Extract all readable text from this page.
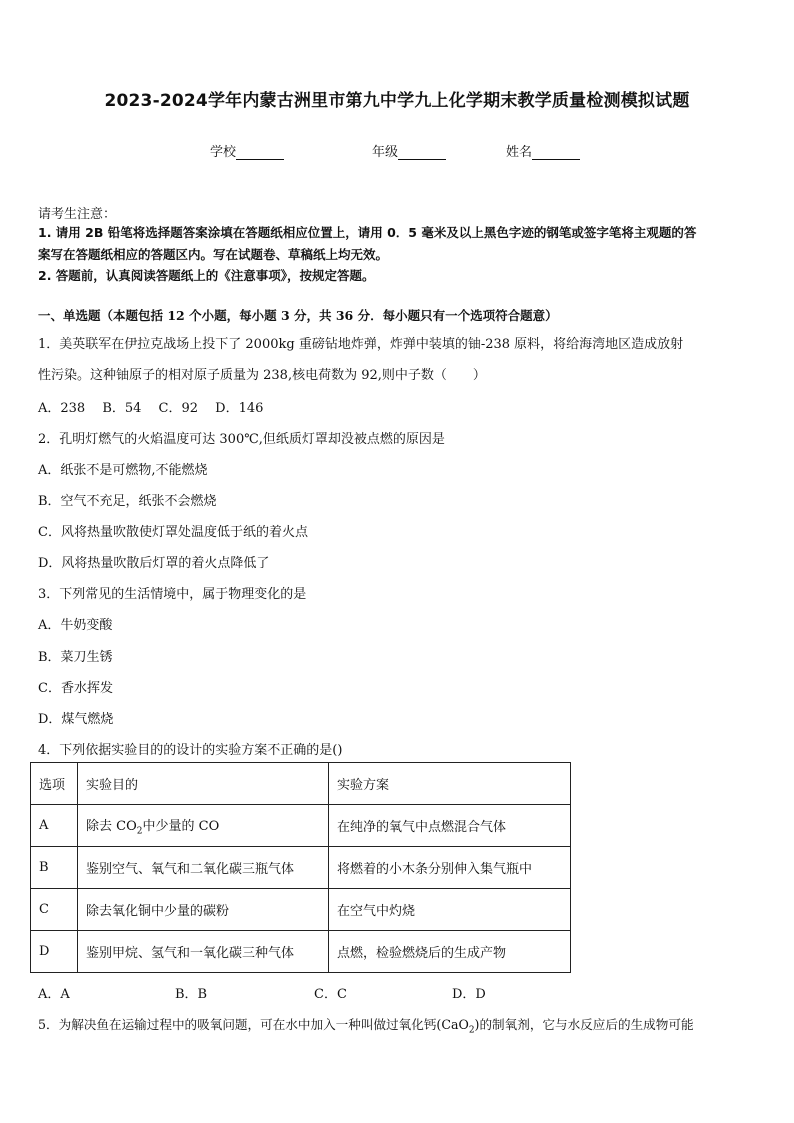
2023-2024学年内蒙古洲里市第九中学九上化学期末教学质量检测模拟试题
学校	年级	姓名
请考生注意：
1. 请用 2B 铅笔将选择题答案涂填在答题纸相应位置上，请用 0．5 毫米及以上黑色字迹的钢笔或签字笔将主观题的答
案写在答题纸相应的答题区内。写在试题卷、草稿纸上均无效。
2. 答题前，认真阅读答题纸上的《注意事项》，按规定答题。
一、单选题（本题包括 12 个小题，每小题 3 分，共 36 分．每小题只有一个选项符合题意）
1．美英联军在伊拉克战场上投下了 2000kg 重磅钻地炸弹，炸弹中装填的铀-238 原料，将给海湾地区造成放射
性污染。这种铀原子的相对原子质量为 238,核电荷数为 92,则中子数（　　）
A．238　 B．54　 C．92　 D．146
2．孔明灯燃气的火焰温度可达 300℃,但纸质灯罩却没被点燃的原因是
A．纸张不是可燃物,不能燃烧
B．空气不充足，纸张不会燃烧
C．风将热量吹散使灯罩处温度低于纸的着火点
D．风将热量吹散后灯罩的着火点降低了
3．下列常见的生活情境中，属于物理变化的是
A．牛奶变酸
B．菜刀生锈
C．香水挥发
D．煤气燃烧
4．下列依据实验目的的设计的实验方案不正确的是()
选项	实验目的	实验方案
A	除去 $CO_2$中少量的 CO	在纯净的氧气中点燃混合气体
B	鉴别空气、氧气和二氧化碳三瓶气体	将燃着的小木条分别伸入集气瓶中
C	除去氧化铜中少量的碳粉	在空气中灼烧
D	鉴别甲烷、氢气和一氧化碳三种气体	点燃，检验燃烧后的生成产物
A．A	B．B	C．C	D．D
5．为解决鱼在运输过程中的吸氧问题，可在水中加入一种叫做过氧化钙(CaO$_2$)的制氧剂，它与水反应后的生成物可能
